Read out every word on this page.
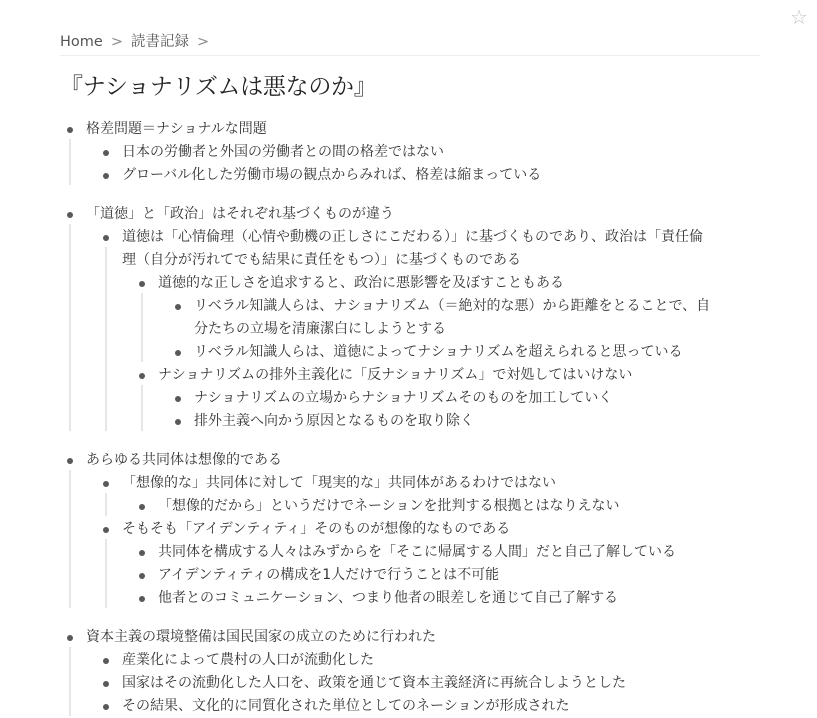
☆
Home > 読書記録 >
『ナショナリズムは悪なのか』
格差問題＝ナショナルな問題
日本の労働者と外国の労働者との間の格差ではない
グローバル化した労働市場の観点からみれば、格差は縮まっている
「道徳」と「政治」はそれぞれ基づくものが違う
道徳は「心情倫理（心情や動機の正しさにこだわる）」に基づくものであり、政治は「責任倫
理（自分が汚れてでも結果に責任をもつ）」に基づくものである
道徳的な正しさを追求すると、政治に悪影響を及ぼすこともある
リベラル知識人らは、ナショナリズム（＝絶対的な悪）から距離をとることで、自
分たちの立場を清廉潔白にしようとする
リベラル知識人らは、道徳によってナショナリズムを超えられると思っている
ナショナリズムの排外主義化に「反ナショナリズム」で対処してはいけない
ナショナリズムの立場からナショナリズムそのものを加工していく
排外主義へ向かう原因となるものを取り除く
あらゆる共同体は想像的である
「想像的な」共同体に対して「現実的な」共同体があるわけではない
「想像的だから」というだけでネーションを批判する根拠とはなりえない
そもそも「アイデンティティ」そのものが想像的なものである
共同体を構成する人々はみずからを「そこに帰属する人間」だと自己了解している
アイデンティティの構成を1人だけで行うことは不可能
他者とのコミュニケーション、つまり他者の眼差しを通じて自己了解する
資本主義の環境整備は国民国家の成立のために行われた
産業化によって農村の人口が流動化した
国家はその流動化した人口を、政策を通じて資本主義経済に再統合しようとした
その結果、文化的に同質化された単位としてのネーションが形成された
